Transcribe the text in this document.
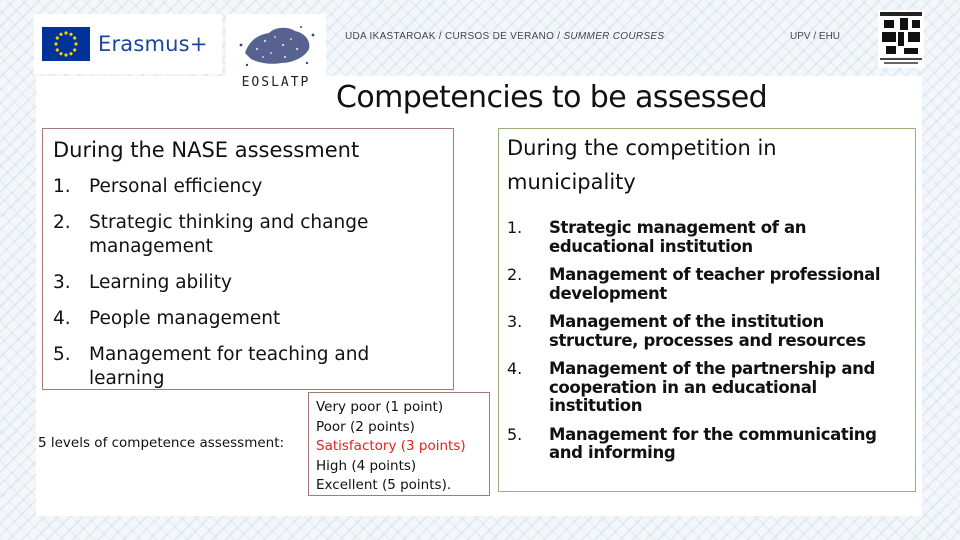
Erasmus+
EOSLATP
UDA IKASTAROAK / CURSOS DE VERANO / SUMMER COURSES	UPV / EHU
Competencies to be assessed
During the NASE assessment
1. Personal efficiency
2. Strategic thinking and change management
3. Learning ability
4. People management
5. Management for teaching and learning
5 levels of competence assessment:
Very poor (1 point)
Poor (2 points)
Satisfactory (3 points)
High (4 points)
Excellent (5 points).
During the competition in municipality
1.	Strategic management of an educational institution
2.	Management of teacher professional development
3.	Management of the institution structure, processes and resources
4.	Management of the partnership and cooperation in an educational institution
5.	Management for the communicating and informing
